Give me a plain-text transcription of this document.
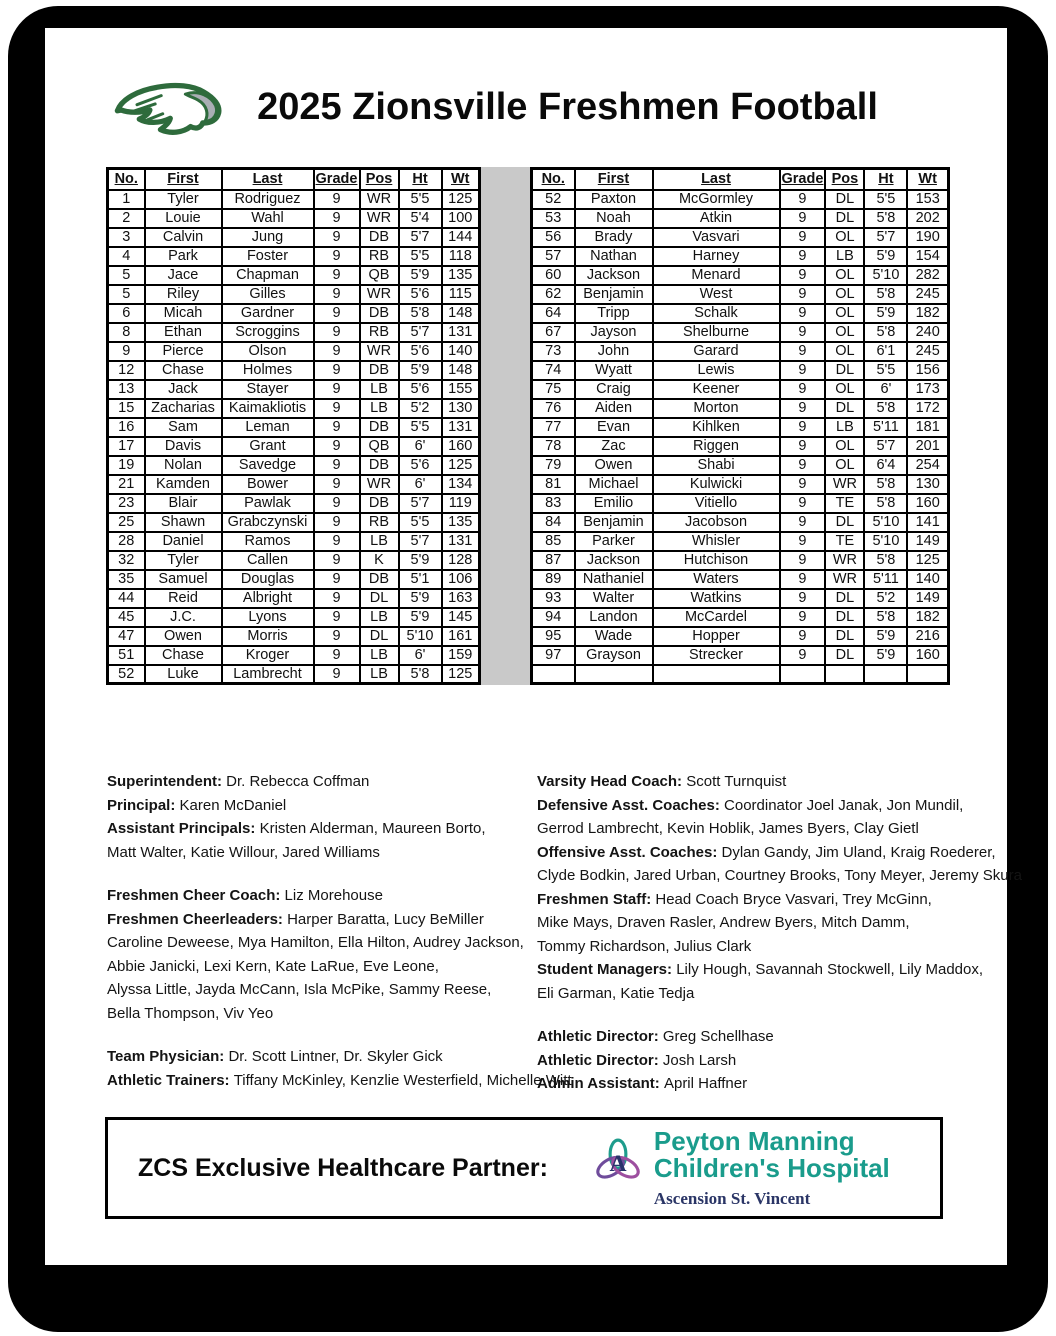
2025 Zionsville Freshmen Football
No.	First	Last	Grade	Pos	Ht	Wt
1	Tyler	Rodriguez	9	WR	5'5	125
2	Louie	Wahl	9	WR	5'4	100
3	Calvin	Jung	9	DB	5'7	144
4	Park	Foster	9	RB	5'5	118
5	Jace	Chapman	9	QB	5'9	135
5	Riley	Gilles	9	WR	5'6	115
6	Micah	Gardner	9	DB	5'8	148
8	Ethan	Scroggins	9	RB	5'7	131
9	Pierce	Olson	9	WR	5'6	140
12	Chase	Holmes	9	DB	5'9	148
13	Jack	Stayer	9	LB	5'6	155
15	Zacharias	Kaimakliotis	9	LB	5'2	130
16	Sam	Leman	9	DB	5'5	131
17	Davis	Grant	9	QB	6'	160
19	Nolan	Savedge	9	DB	5'6	125
21	Kamden	Bower	9	WR	6'	134
23	Blair	Pawlak	9	DB	5'7	119
25	Shawn	Grabczynski	9	RB	5'5	135
28	Daniel	Ramos	9	LB	5'7	131
32	Tyler	Callen	9	K	5'9	128
35	Samuel	Douglas	9	DB	5'1	106
44	Reid	Albright	9	DL	5'9	163
45	J.C.	Lyons	9	LB	5'9	145
47	Owen	Morris	9	DL	5'10	161
51	Chase	Kroger	9	LB	6'	159
52	Luke	Lambrecht	9	LB	5'8	125
No.	First	Last	Grade	Pos	Ht	Wt
52	Paxton	McGormley	9	DL	5'5	153
53	Noah	Atkin	9	DL	5'8	202
56	Brady	Vasvari	9	OL	5'7	190
57	Nathan	Harney	9	LB	5'9	154
60	Jackson	Menard	9	OL	5'10	282
62	Benjamin	West	9	OL	5'8	245
64	Tripp	Schalk	9	OL	5'9	182
67	Jayson	Shelburne	9	OL	5'8	240
73	John	Garard	9	OL	6'1	245
74	Wyatt	Lewis	9	DL	5'5	156
75	Craig	Keener	9	OL	6'	173
76	Aiden	Morton	9	DL	5'8	172
77	Evan	Kihlken	9	LB	5'11	181
78	Zac	Riggen	9	OL	5'7	201
79	Owen	Shabi	9	OL	6'4	254
81	Michael	Kulwicki	9	WR	5'8	130
83	Emilio	Vitiello	9	TE	5'8	160
84	Benjamin	Jacobson	9	DL	5'10	141
85	Parker	Whisler	9	TE	5'10	149
87	Jackson	Hutchison	9	WR	5'8	125
89	Nathaniel	Waters	9	WR	5'11	140
93	Walter	Watkins	9	DL	5'2	149
94	Landon	McCardel	9	DL	5'8	182
95	Wade	Hopper	9	DL	5'9	216
97	Grayson	Strecker	9	DL	5'9	160

Superintendent: Dr. Rebecca Coffman
Principal: Karen McDaniel
Assistant Principals: Kristen Alderman, Maureen Borto,
Matt Walter, Katie Willour, Jared Williams
Freshmen Cheer Coach: Liz Morehouse
Freshmen Cheerleaders: Harper Baratta, Lucy BeMiller
Caroline Deweese, Mya Hamilton, Ella Hilton, Audrey Jackson,
Abbie Janicki, Lexi Kern, Kate LaRue, Eve Leone,
Alyssa Little, Jayda McCann, Isla McPike, Sammy Reese,
Bella Thompson, Viv Yeo
Team Physician: Dr. Scott Lintner, Dr. Skyler Gick
Athletic Trainers: Tiffany McKinley, Kenzlie Westerfield, Michelle Witt
Varsity Head Coach: Scott Turnquist
Defensive Asst. Coaches: Coordinator Joel Janak, Jon Mundil,
Gerrod Lambrecht, Kevin Hoblik, James Byers, Clay Gietl
Offensive Asst. Coaches: Dylan Gandy, Jim Uland, Kraig Roederer,
Clyde Bodkin, Jared Urban, Courtney Brooks, Tony Meyer, Jeremy Skura
Freshmen Staff: Head Coach Bryce Vasvari, Trey McGinn,
Mike Mays, Draven Rasler, Andrew Byers, Mitch Damm,
Tommy Richardson, Julius Clark
Student Managers: Lily Hough, Savannah Stockwell, Lily Maddox,
Eli Garman, Katie Tedja
Athletic Director: Greg Schellhase
Athletic Director: Josh Larsh
Admin Assistant: April Haffner
ZCS Exclusive Healthcare Partner: A
Peyton Manning
Children's Hospital
Ascension St. Vincent
